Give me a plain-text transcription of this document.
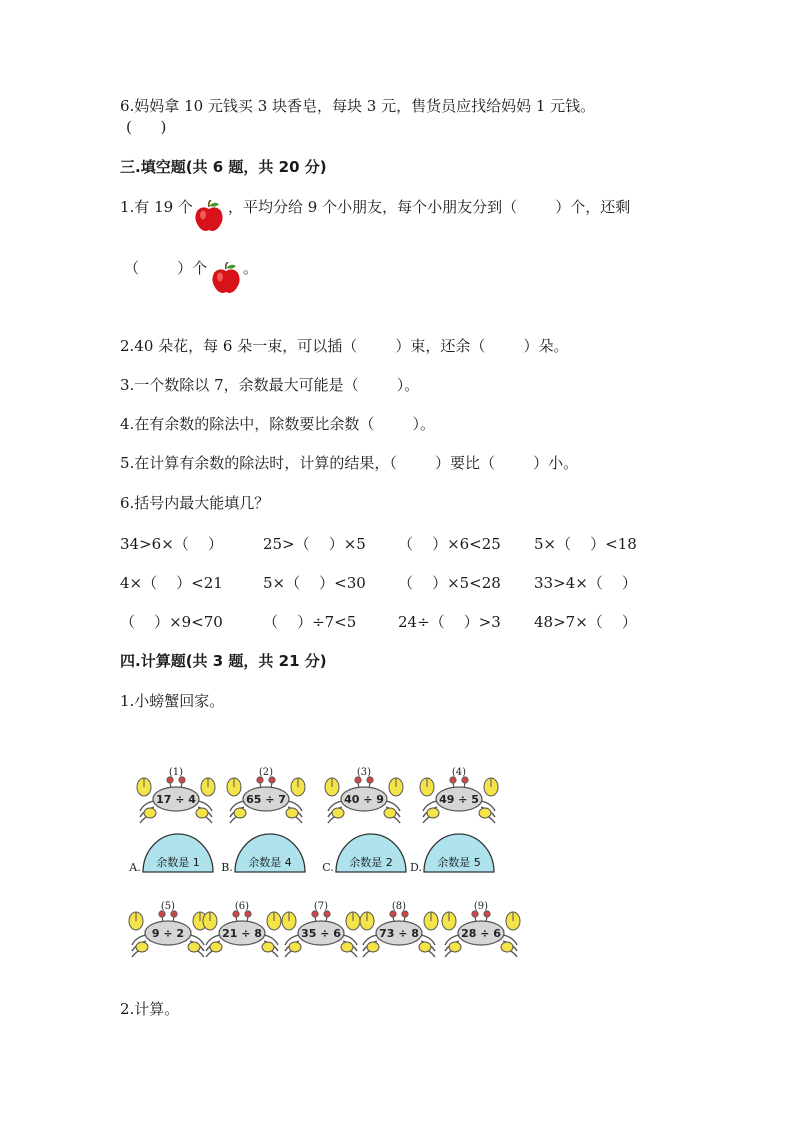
6.妈妈拿 10 元钱买 3 块香皂，每块 3 元，售货员应找给妈妈 1 元钱。
(      )
三.填空题(共 6 题，共 20 分)
1.有 19 个 ，平均分给 9 个小朋友，每个小朋友分到（        ）个，还剩
（        ）个 。
2.40 朵花，每 6 朵一束，可以插（        ）束，还余（        ）朵。
3.一个数除以 7，余数最大可能是（        ）。
4.在有余数的除法中，除数要比余数（        ）。
5.在计算有余数的除法时，计算的结果，（        ）要比（        ）小。
6.括号内最大能填几？
34>6×（    ）	25>（    ）×5 （    ）×6<25 5×（    ）<18
4×（    ）<21	5×（    ）<30 （    ）×5<28 33>4×（    ）
（    ）×9<70	（    ）÷7<5	24÷（    ）>3 48>7×（    ）
四.计算题(共 3 题，共 21 分)
1.小螃蟹回家。
(1)
17 ÷ 4
(2)
65 ÷ 7
(3)
40 ÷ 9
(4)
49 ÷ 5
(5)
9 ÷ 2
(6)
21 ÷ 8
(7)
35 ÷ 6
(8)
73 ÷ 8
(9)
28 ÷ 6
A. 余数是 1 B. 余数是 4	C. 余数是 2 D. 余数是 5
2.计算。
